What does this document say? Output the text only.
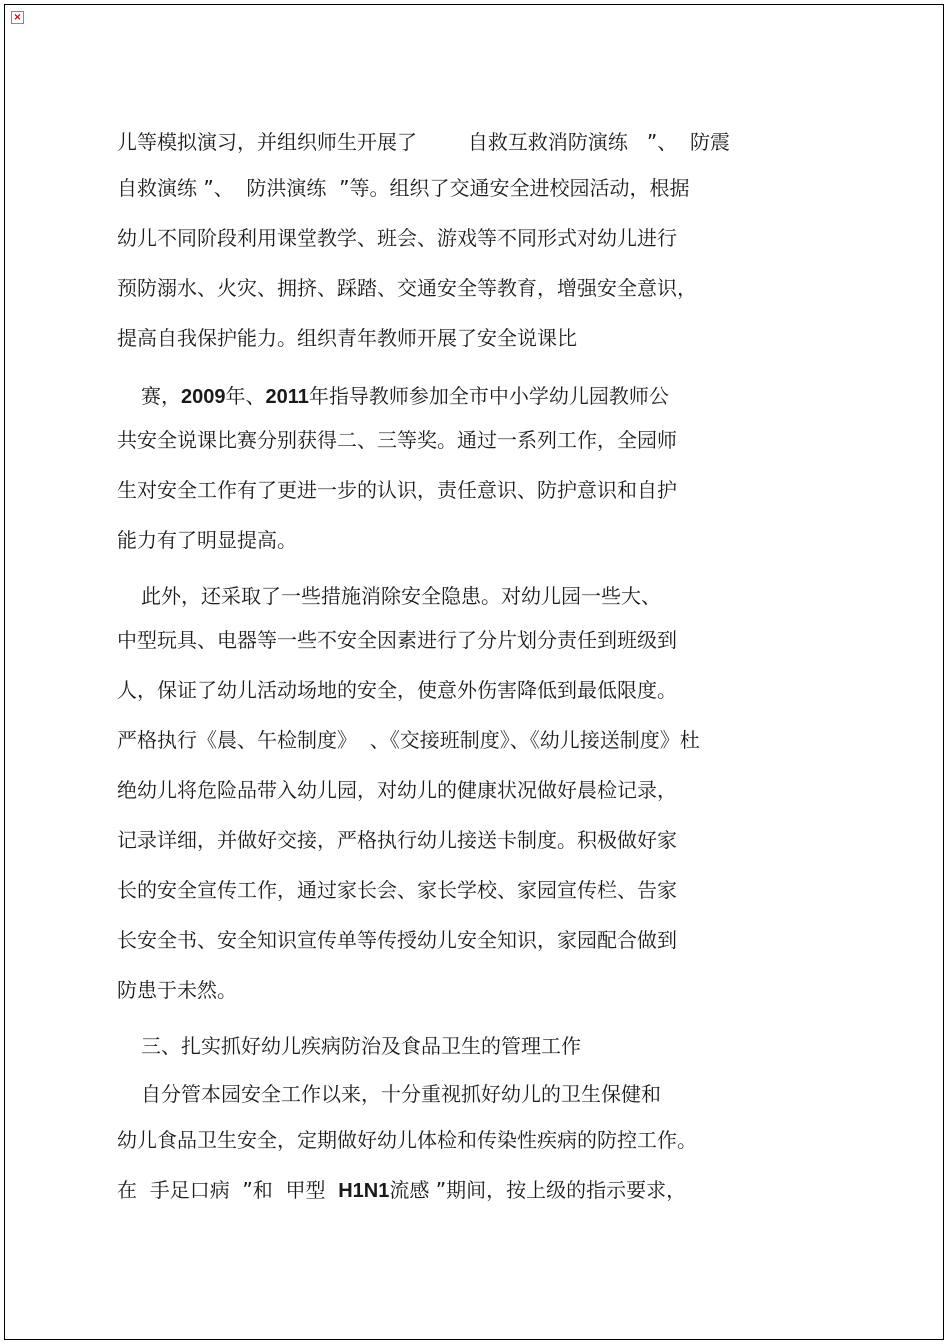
×

儿等模拟演习，并组织师生开展了        自救互救消防演练   ”、  防震

自救演练 ”、  防洪演练  ”等。组织了交通安全进校园活动，根据

幼儿不同阶段利用课堂教学、班会、游戏等不同形式对幼儿进行

预防溺水、火灾、拥挤、踩踏、交通安全等教育，增强安全意识，

提高自我保护能力。组织青年教师开展了安全说课比

赛，2009年、2011年指导教师参加全市中小学幼儿园教师公

共安全说课比赛分别获得二、三等奖。通过一系列工作，全园师

生对安全工作有了更进一步的认识，责任意识、防护意识和自护

能力有了明显提高。

此外，还采取了一些措施消除安全隐患。对幼儿园一些大、

中型玩具、电器等一些不安全因素进行了分片划分责任到班级到

人，保证了幼儿活动场地的安全，使意外伤害降低到最低限度。

严格执行《晨、午检制度》  、《交接班制度》、《幼儿接送制度》杜

绝幼儿将危险品带入幼儿园，对幼儿的健康状况做好晨检记录，

记录详细，并做好交接，严格执行幼儿接送卡制度。积极做好家

长的安全宣传工作，通过家长会、家长学校、家园宣传栏、告家

长安全书、安全知识宣传单等传授幼儿安全知识，家园配合做到

防患于未然。

三、扎实抓好幼儿疾病防治及食品卫生的管理工作

自分管本园安全工作以来，十分重视抓好幼儿的卫生保健和

幼儿食品卫生安全，定期做好幼儿体检和传染性疾病的防控工作。

在  手足口病  ”和  甲型  H1N1流感 ”期间，按上级的指示要求，
